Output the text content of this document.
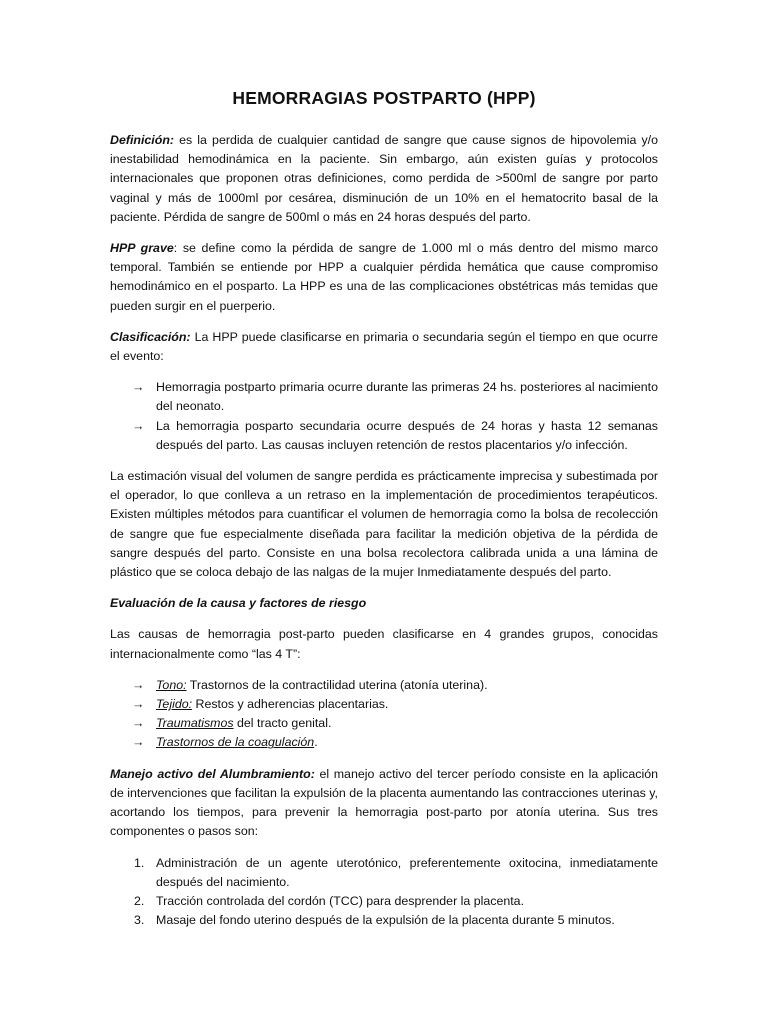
HEMORRAGIAS POSTPARTO (HPP)

Definición: es la perdida de cualquier cantidad de sangre que cause signos de hipovolemia y/o inestabilidad hemodinámica en la paciente. Sin embargo, aún existen guías y protocolos internacionales que proponen otras definiciones, como perdida de >500ml de sangre por parto vaginal y más de 1000ml por cesárea, disminución de un 10% en el hematocrito basal de la paciente. Pérdida de sangre de 500ml o más en 24 horas después del parto.

HPP grave: se define como la pérdida de sangre de 1.000 ml o más dentro del mismo marco temporal. También se entiende por HPP a cualquier pérdida hemática que cause compromiso hemodinámico en el posparto. La HPP es una de las complicaciones obstétricas más temidas que pueden surgir en el puerperio.

Clasificación: La HPP puede clasificarse en primaria o secundaria según el tiempo en que ocurre el evento:

→ Hemorragia postparto primaria ocurre durante las primeras 24 hs. posteriores al nacimiento del neonato.
→ La hemorragia posparto secundaria ocurre después de 24 horas y hasta 12 semanas después del parto. Las causas incluyen retención de restos placentarios y/o infección.

La estimación visual del volumen de sangre perdida es prácticamente imprecisa y subestimada por el operador, lo que conlleva a un retraso en la implementación de procedimientos terapéuticos. Existen múltiples métodos para cuantificar el volumen de hemorragia como la bolsa de recolección de sangre que fue especialmente diseñada para facilitar la medición objetiva de la pérdida de sangre después del parto. Consiste en una bolsa recolectora calibrada unida a una lámina de plástico que se coloca debajo de las nalgas de la mujer Inmediatamente después del parto.

Evaluación de la causa y factores de riesgo

Las causas de hemorragia post-parto pueden clasificarse en 4 grandes grupos, conocidas internacionalmente como “las 4 T”:

→ Tono: Trastornos de la contractilidad uterina (atonía uterina).
→ Tejido: Restos y adherencias placentarias.
→ Traumatismos del tracto genital.
→ Trastornos de la coagulación.

Manejo activo del Alumbramiento: el manejo activo del tercer período consiste en la aplicación de intervenciones que facilitan la expulsión de la placenta aumentando las contracciones uterinas y, acortando los tiempos, para prevenir la hemorragia post-parto por atonía uterina. Sus tres componentes o pasos son:

1. Administración de un agente uterotónico, preferentemente oxitocina, inmediatamente después del nacimiento.
2. Tracción controlada del cordón (TCC) para desprender la placenta.
3. Masaje del fondo uterino después de la expulsión de la placenta durante 5 minutos.
